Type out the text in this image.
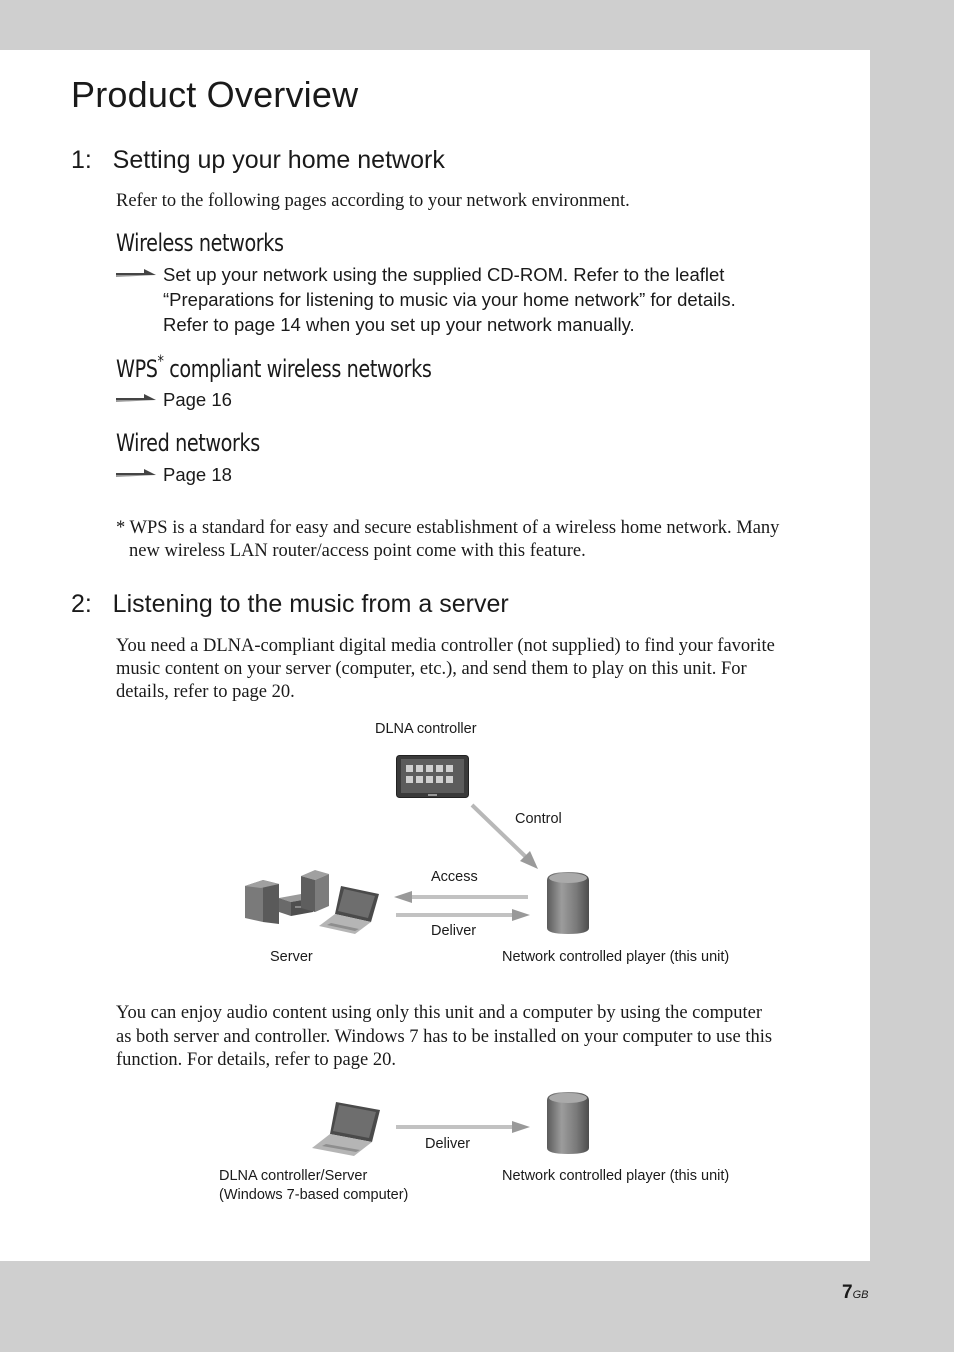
Product Overview
1:   Setting up your home network
Refer to the following pages according to your network environment.
Wireless networks
Set up your network using the supplied CD-ROM. Refer to the leaflet
“Preparations for listening to music via your home network” for details.
Refer to page 14 when you set up your network manually.
WPS* compliant wireless networks
Page 16
Wired networks
Page 18
* WPS is a standard for easy and secure establishment of a wireless home network. Many
new wireless LAN router/access point come with this feature.
2:   Listening to the music from a server
You need a DLNA-compliant digital media controller (not supplied) to find your favorite
music content on your server (computer, etc.), and send them to play on this unit. For
details, refer to page 20.
DLNA controller
Control
Access
Deliver
Server	Network controlled player (this unit)
You can enjoy audio content using only this unit and a computer by using the computer
as both server and controller. Windows 7 has to be installed on your computer to use this
function. For details, refer to page 20.
Deliver
DLNA controller/Server
(Windows 7-based computer)
Network controlled player (this unit)
7GB
